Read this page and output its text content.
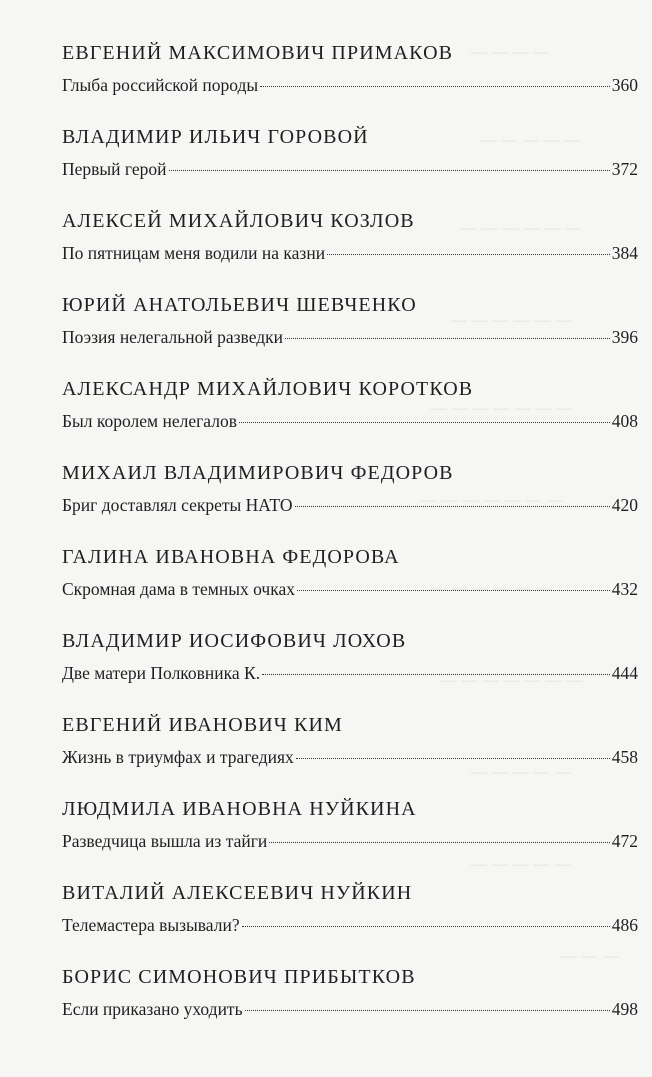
— — — —
— — — — —
— — — — — —
— — — — — —
— — — — — — —
— — — — — — —
— — — — — —
— — — — — — —
— — — — —
— — — — —
— — —
ЕВГЕНИЙ МАКСИМОВИЧ ПРИМАКОВ
Глыба российской породы	360
ВЛАДИМИР ИЛЬИЧ ГОРОВОЙ
Первый герой	372
АЛЕКСЕЙ МИХАЙЛОВИЧ КОЗЛОВ
По пятницам меня водили на казни	384
ЮРИЙ АНАТОЛЬЕВИЧ ШЕВЧЕНКО
Поэзия нелегальной разведки	396
АЛЕКСАНДР МИХАЙЛОВИЧ КОРОТКОВ
Был королем нелегалов	408
МИХАИЛ ВЛАДИМИРОВИЧ ФЕДОРОВ
Бриг доставлял секреты НАТО	420
ГАЛИНА ИВАНОВНА ФЕДОРОВА
Скромная дама в темных очках	432
ВЛАДИМИР ИОСИФОВИЧ ЛОХОВ
Две матери Полковника К.	444
ЕВГЕНИЙ ИВАНОВИЧ КИМ
Жизнь в триумфах и трагедиях	458
ЛЮДМИЛА ИВАНОВНА НУЙКИНА
Разведчица вышла из тайги	472
ВИТАЛИЙ АЛЕКСЕЕВИЧ НУЙКИН
Телемастера вызывали?	486
БОРИС СИМОНОВИЧ ПРИБЫТКОВ
Если приказано уходить	498
